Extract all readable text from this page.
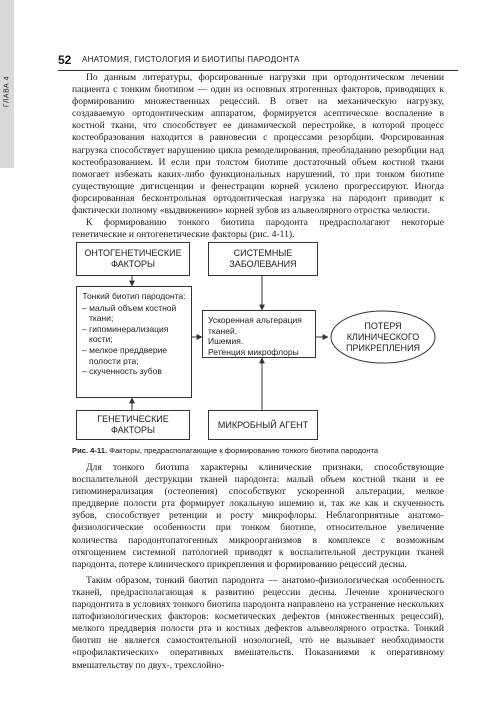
ГЛАВА 4
52 АНАТОМИЯ, ГИСТОЛОГИЯ И БИОТИПЫ ПАРОДОНТА

По данным литературы, форсированные нагрузки при ортодонтическом лечении пациента с тонким биотипом — один из основных ятрогенных факторов, приводящих к формированию множественных рецессий. В ответ на механическую нагрузку, создаваемую ортодонтическим аппаратом, формируется асептическое воспаление в костной ткани, что способствует ее динамической перестройке, в которой процесс костеобразования находится в равновесии с процессами резорбции. Форсированная нагрузка способствует нарушению цикла ремоделирования, преобладанию резорбции над костеобразованием. И если при толстом биотипе достаточный объем костной ткани помогает избежать каких-либо функциональных нарушений, то при тонком биотипе существующие дигисценции и фенестрации корней усилено прогрессируют. Иногда форсированная бесконтрольная ортодонтическая нагрузка на пародонт приводит к фактически полному «выдвижению» корней зубов из альвеолярного отростка челюсти.

К формированию тонкого биотипа пародонта предрасполагают некоторые генетические и онтогенетические факторы (рис. 4-11).

ОНТОГЕНЕТИЧЕСКИЕ ФАКТОРЫ
СИСТЕМНЫЕ ЗАБОЛЕВАНИЯ
Тонкий биотип пародонта:
– малый объем костной ткани;
– гипоминерализация кости;
– мелкое преддверие полости рта;
– скученность зубов
Ускоренная альтерация тканей.
Ишемия.
Ретенция микрофлоры
ПОТЕРЯ КЛИНИЧЕСКОГО ПРИКРЕПЛЕНИЯ
ГЕНЕТИЧЕСКИЕ ФАКТОРЫ
МИКРОБНЫЙ АГЕНТ
Рис. 4-11. Факторы, предрасполагающие к формированию тонкого биотипа пародонта

Для тонкого биотипа характерны клинические признаки, способствующие воспалительной деструкции тканей пародонта: малый объем костной ткани и ее гипоминерализация (остеопения) способствуют ускоренной альтерации, мелкое преддверие полости рта формирует локальную ишемию и, так же как и скученность зубов, способствует ретенции и росту микрофлоры. Неблагоприятные анатомо-физиологические особенности при тонком биотипе, относительное увеличение количества пародонтопатогенных микроорганизмов в комплексе с возможным отягощением системной патологией приводят к воспалительной деструкции тканей пародонта, потере клинического прикрепления и формированию рецессий десны.

Таким образом, тонкий биотип пародонта — анатомо-физиологическая особенность тканей, предрасполагающая к развитию рецессии десны. Лечение хронического пародонтита в условиях тонкого биотипа пародонта направлено на устранение нескольких патофизиологических факторов: косметических дефектов (множественных рецессий), мелкого преддверия полости рта и костных дефектов альвеолярного отростка. Тонкий биотип не является самостоятельной нозологией, что не вызывает необходимости «профилактических» оперативных вмешательств. Показаниями к оперативному вмешательству по двух-, трехслойно-
